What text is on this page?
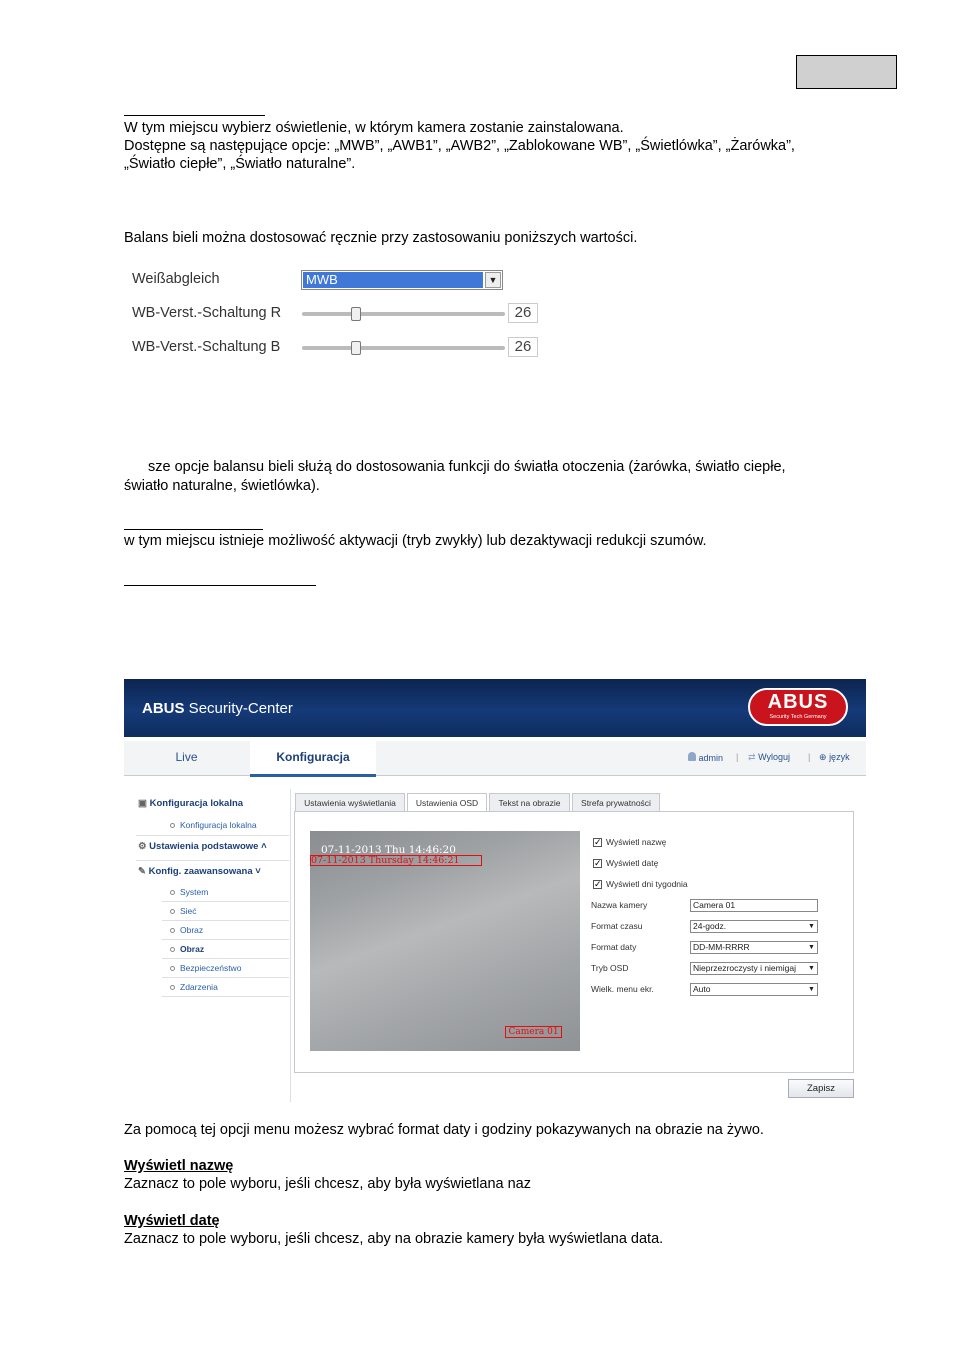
W tym miejscu wybierz oświetlenie, w którym kamera zostanie zainstalowana.
Dostępne są następujące opcje: „MWB”, „AWB1”, „AWB2”, „Zablokowane WB”, „Świetlówka”, „Żarówka”,
„Światło ciepłe”, „Światło naturalne”.
Balans bieli można dostosować ręcznie przy zastosowaniu poniższych wartości.
Weißabgleich	MWB	▼
WB-Verst.-Schaltung R	26
WB-Verst.-Schaltung B	26
sze opcje balansu bieli służą do dostosowania funkcji do światła otoczenia (żarówka, światło ciepłe,
światło naturalne, świetlówka).
w tym miejscu istnieje możliwość aktywacji (tryb zwykły) lub dezaktywacji redukcji szumów.
ABUS Security-Center	ABUS
Security Tech Germany
Live	Konfiguracja	admin | ⇄ Wyloguj | ⊕ język
▣ Konfiguracja lokalna
Konfiguracja lokalna
⚙ Ustawienia podstawowe ˄
✎ Konfig. zaawansowana ˅
System
Sieć
Obraz
Obraz
Bezpieczeństwo
Zdarzenia
Ustawienia wyświetlania	Ustawienia OSD	Tekst na obrazie	Strefa prywatności
07-11-2013 Thu 14:46:20
07-11-2013 Thursday 14:46:21
Camera 01
✓ Wyświetl nazwę
✓ Wyświetl datę
✓ Wyświetl dni tygodnia
Nazwa kamery	Camera 01
Format czasu	24-godz.	▼
Format daty	DD-MM-RRRR	▼
Tryb OSD	Nieprzezroczysty i niemigaj ▼
Wielk. menu ekr.	Auto	▼
Zapisz
Za pomocą tej opcji menu możesz wybrać format daty i godziny pokazywanych na obrazie na żywo.
Wyświetl nazwę
Zaznacz to pole wyboru, jeśli chcesz, aby była wyświetlana naz
Wyświetl datę
Zaznacz to pole wyboru, jeśli chcesz, aby na obrazie kamery była wyświetlana data.
